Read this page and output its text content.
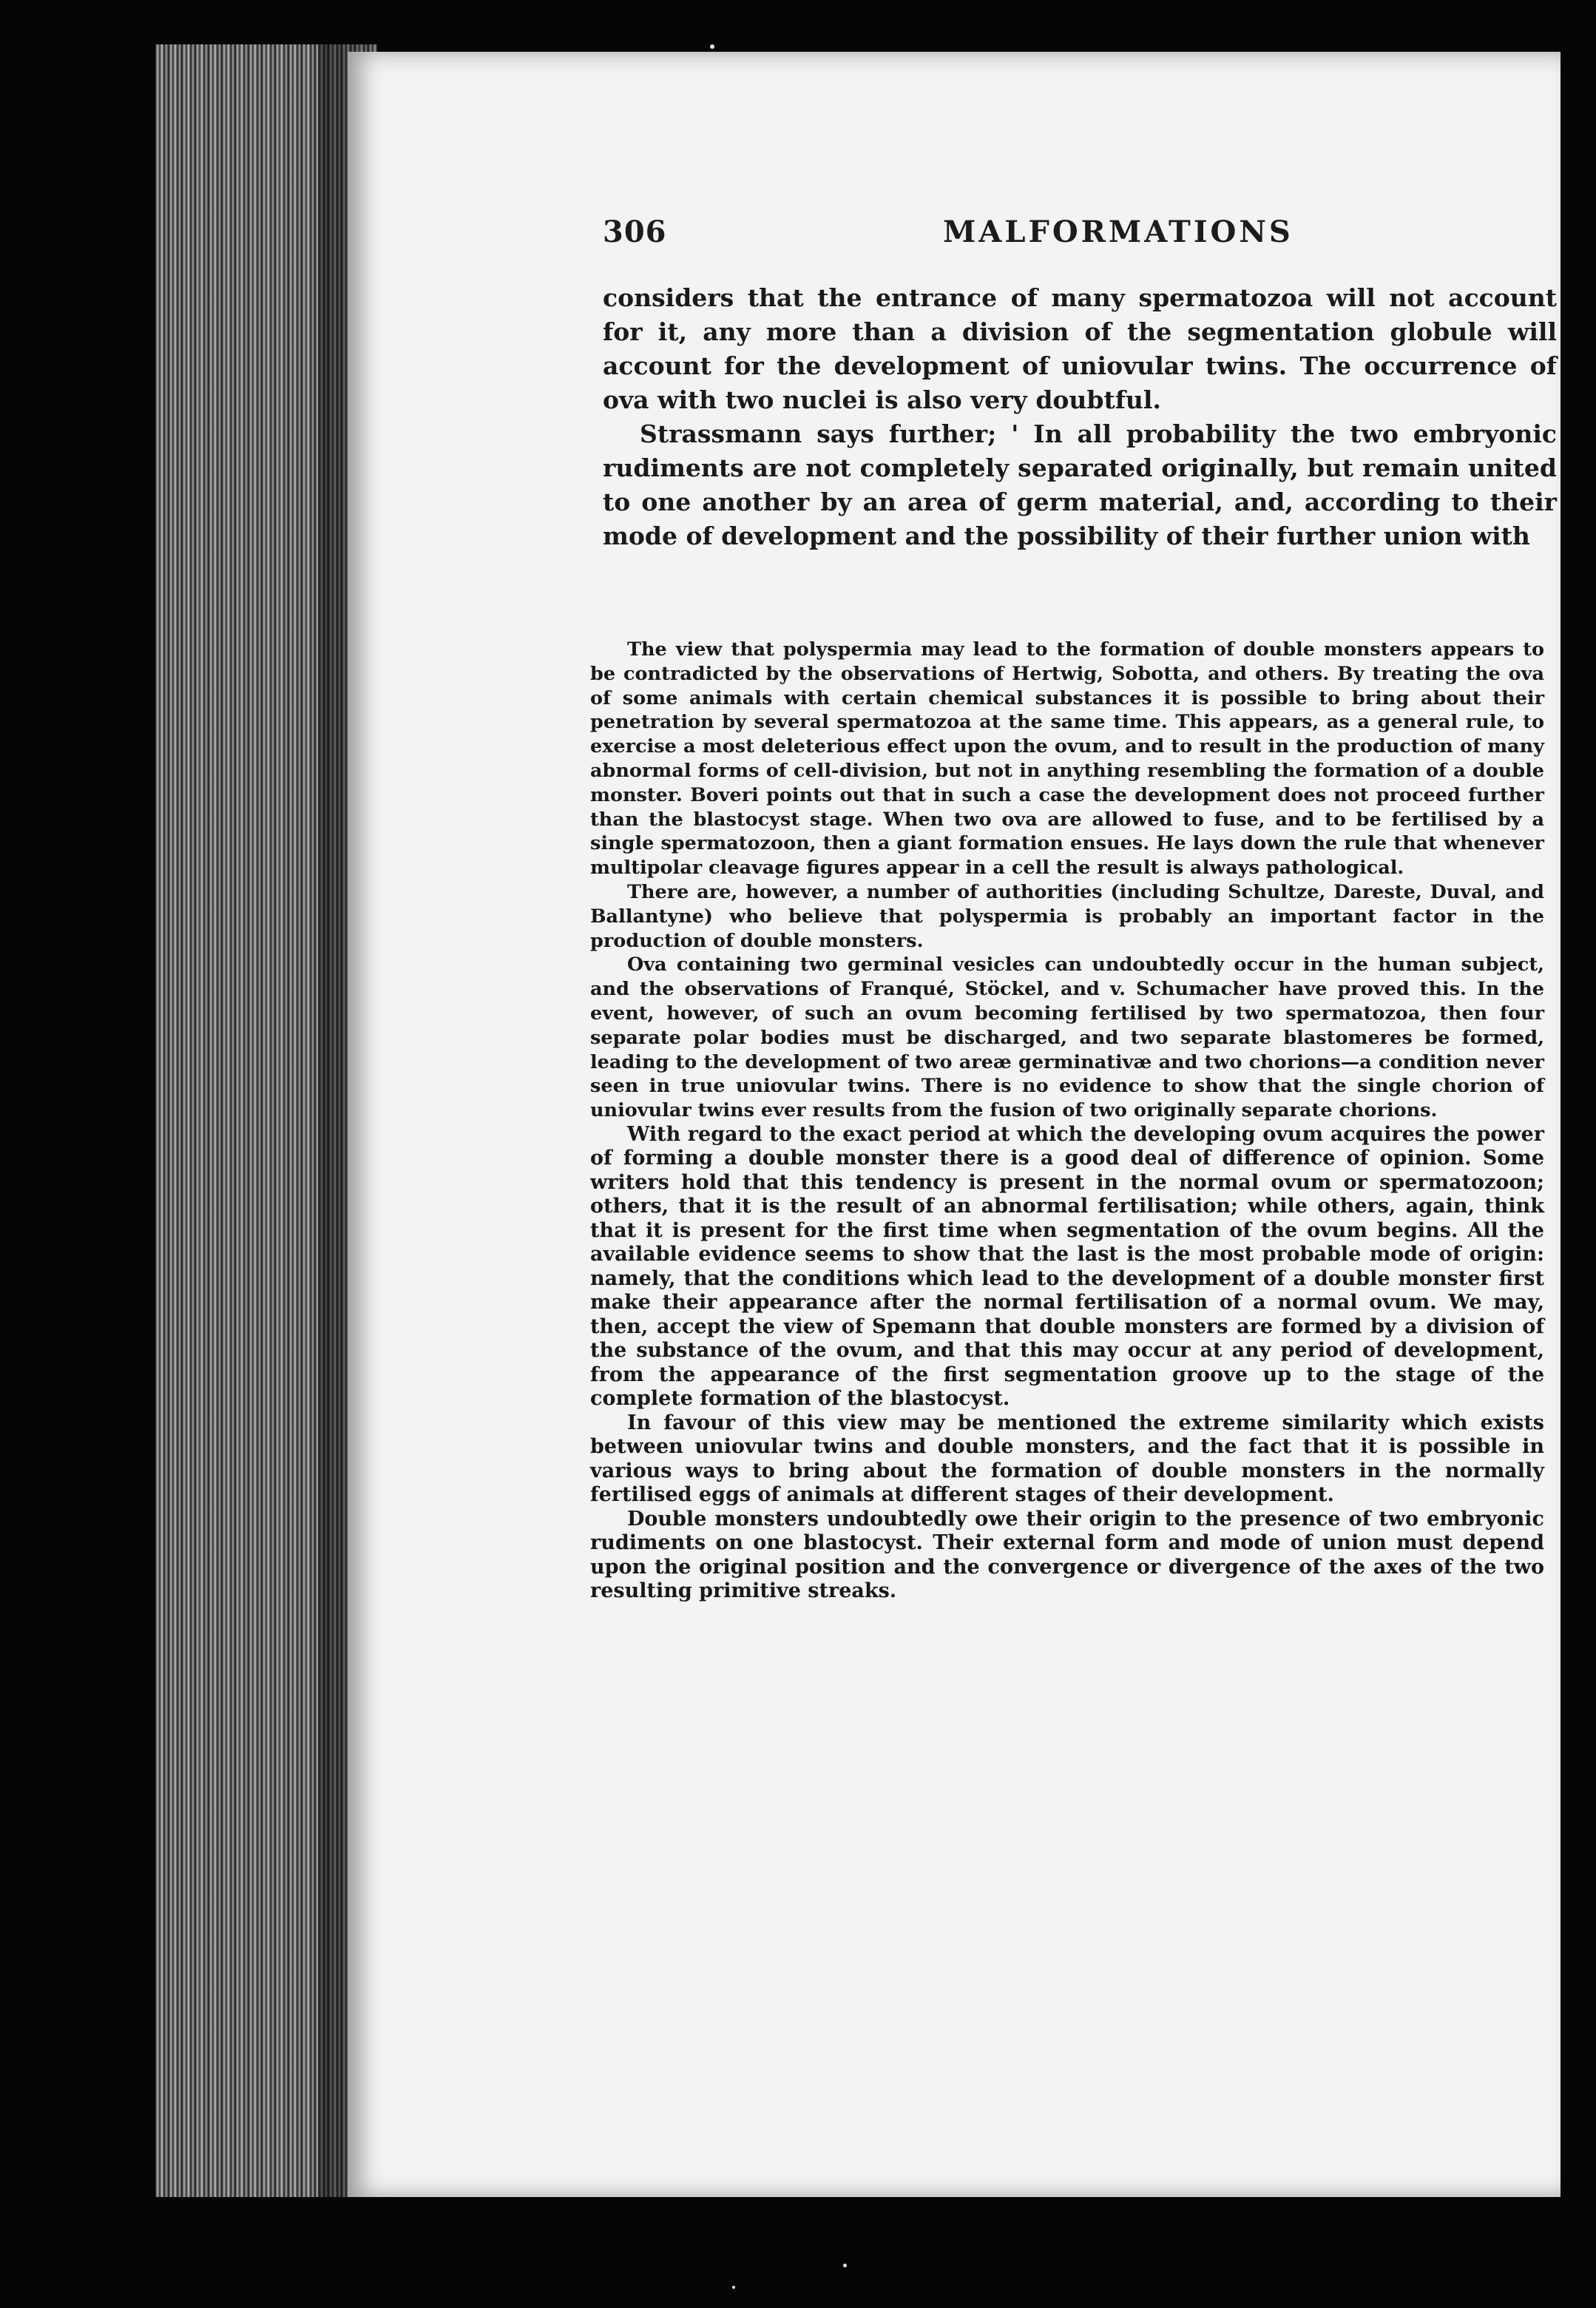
306	MALFORMATIONS

considers that the entrance of many spermatozoa will not account for it, any more than a division of the segmentation globule will account for the development of uniovular twins. The occurrence of ova with two nuclei is also very doubtful.

Strassmann says further; ' In all probability the two embryonic rudiments are not completely separated originally, but remain united to one another by an area of germ material, and, according to their mode of development and the possibility of their further union with

The view that polyspermia may lead to the formation of double monsters appears to be contradicted by the observations of Hertwig, Sobotta, and others. By treating the ova of some animals with certain chemical substances it is possible to bring about their penetration by several spermatozoa at the same time. This appears, as a general rule, to exercise a most deleterious effect upon the ovum, and to result in the production of many abnormal forms of cell-division, but not in anything resembling the formation of a double monster. Boveri points out that in such a case the development does not proceed further than the blastocyst stage. When two ova are allowed to fuse, and to be fertilised by a single spermatozoon, then a giant formation ensues. He lays down the rule that whenever multipolar cleavage figures appear in a cell the result is always pathological.

There are, however, a number of authorities (including Schultze, Dareste, Duval, and Ballantyne) who believe that polyspermia is probably an important factor in the production of double monsters.

Ova containing two germinal vesicles can undoubtedly occur in the human subject, and the observations of Franqué, Stöckel, and v. Schumacher have proved this. In the event, however, of such an ovum becoming fertilised by two spermatozoa, then four separate polar bodies must be discharged, and two separate blastomeres be formed, leading to the development of two areæ germinativæ and two chorions—a condition never seen in true uniovular twins. There is no evidence to show that the single chorion of uniovular twins ever results from the fusion of two originally separate chorions.

With regard to the exact period at which the developing ovum acquires the power of forming a double monster there is a good deal of difference of opinion. Some writers hold that this tendency is present in the normal ovum or spermatozoon; others, that it is the result of an abnormal fertilisation; while others, again, think that it is present for the first time when segmentation of the ovum begins. All the available evidence seems to show that the last is the most probable mode of origin: namely, that the conditions which lead to the development of a double monster first make their appearance after the normal fertilisation of a normal ovum. We may, then, accept the view of Spemann that double monsters are formed by a division of the substance of the ovum, and that this may occur at any period of development, from the appearance of the first segmentation groove up to the stage of the complete formation of the blastocyst.

In favour of this view may be mentioned the extreme similarity which exists between uniovular twins and double monsters, and the fact that it is possible in various ways to bring about the formation of double monsters in the normally fertilised eggs of animals at different stages of their development.

Double monsters undoubtedly owe their origin to the presence of two embryonic rudiments on one blastocyst. Their external form and mode of union must depend upon the original position and the convergence or divergence of the axes of the two resulting primitive streaks.
